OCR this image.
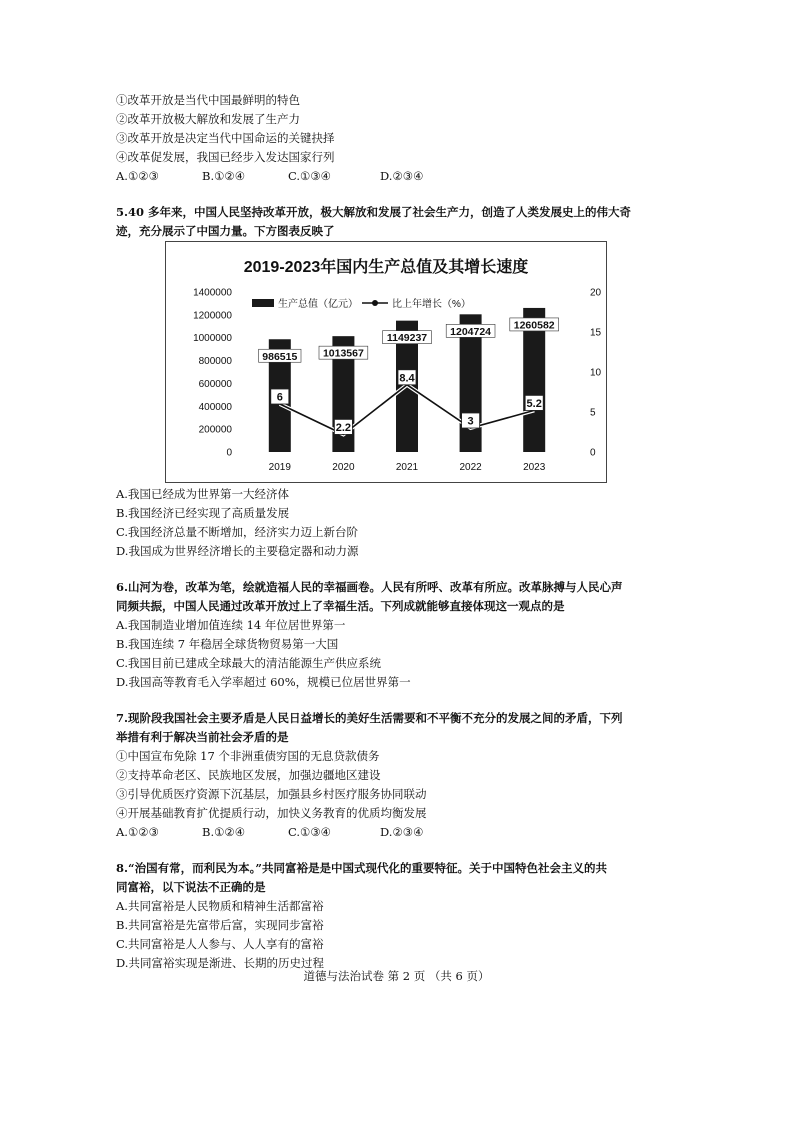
①改革开放是当代中国最鲜明的特色
②改革开放极大解放和发展了生产力
③改革开放是决定当代中国命运的关键抉择
④改革促发展，我国已经步入发达国家行列
A.①②③	B.①②④	C.①③④	D.②③④
5.40 多年来，中国人民坚持改革开放，极大解放和发展了社会生产力，创造了人类发展史上的伟大奇
迹，充分展示了中国力量。下方图表反映了
2019-2023年国内生产总值及其增长速度
生产总值（亿元）	比上年增长（%）
0
200000
400000
600000
800000
1000000
1200000
1400000
0
5
10
15
20
2019	2020	2021	2022	2023
986515 1013567
1149237
1204724
1260582
6
2.2
8.4
3
5.2
A.我国已经成为世界第一大经济体
B.我国经济已经实现了高质量发展
C.我国经济总量不断增加，经济实力迈上新台阶
D.我国成为世界经济增长的主要稳定器和动力源
6.山河为卷，改革为笔，绘就造福人民的幸福画卷。人民有所呼、改革有所应。改革脉搏与人民心声
同频共振，中国人民通过改革开放过上了幸福生活。下列成就能够直接体现这一观点的是
A.我国制造业增加值连续 14 年位居世界第一
B.我国连续 7 年稳居全球货物贸易第一大国
C.我国目前已建成全球最大的清洁能源生产供应系统
D.我国高等教育毛入学率超过 60%，规模已位居世界第一
7.现阶段我国社会主要矛盾是人民日益增长的美好生活需要和不平衡不充分的发展之间的矛盾，下列
举措有利于解决当前社会矛盾的是
①中国宣布免除 17 个非洲重债穷国的无息贷款债务
②支持革命老区、民族地区发展，加强边疆地区建设
③引导优质医疗资源下沉基层，加强县乡村医疗服务协同联动
④开展基础教育扩优提质行动，加快义务教育的优质均衡发展
A.①②③	B.①②④	C.①③④	D.②③④
8.“治国有常，而利民为本。”共同富裕是是中国式现代化的重要特征。关于中国特色社会主义的共
同富裕，以下说法不正确的是
A.共同富裕是人民物质和精神生活都富裕
B.共同富裕是先富带后富，实现同步富裕
C.共同富裕是人人参与、人人享有的富裕
D.共同富裕实现是渐进、长期的历史过程
道德与法治试卷 第 2 页 （共 6 页）
